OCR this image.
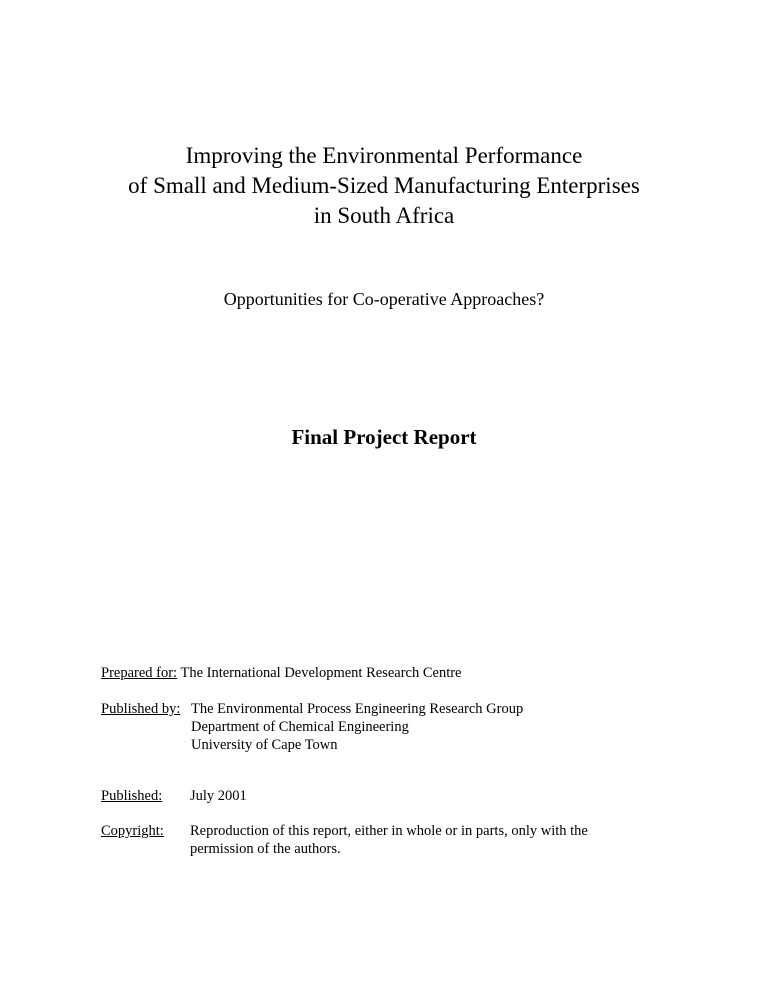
Improving the Environmental Performance
of Small and Medium-Sized Manufacturing Enterprises
in South Africa
Opportunities for Co-operative Approaches?
Final Project Report
Prepared for: The International Development Research Centre
Published by: The Environmental Process Engineering Research Group
Department of Chemical Engineering
University of Cape Town
Published: July 2001
Copyright: Reproduction of this report, either in whole or in parts, only with the
permission of the authors.
